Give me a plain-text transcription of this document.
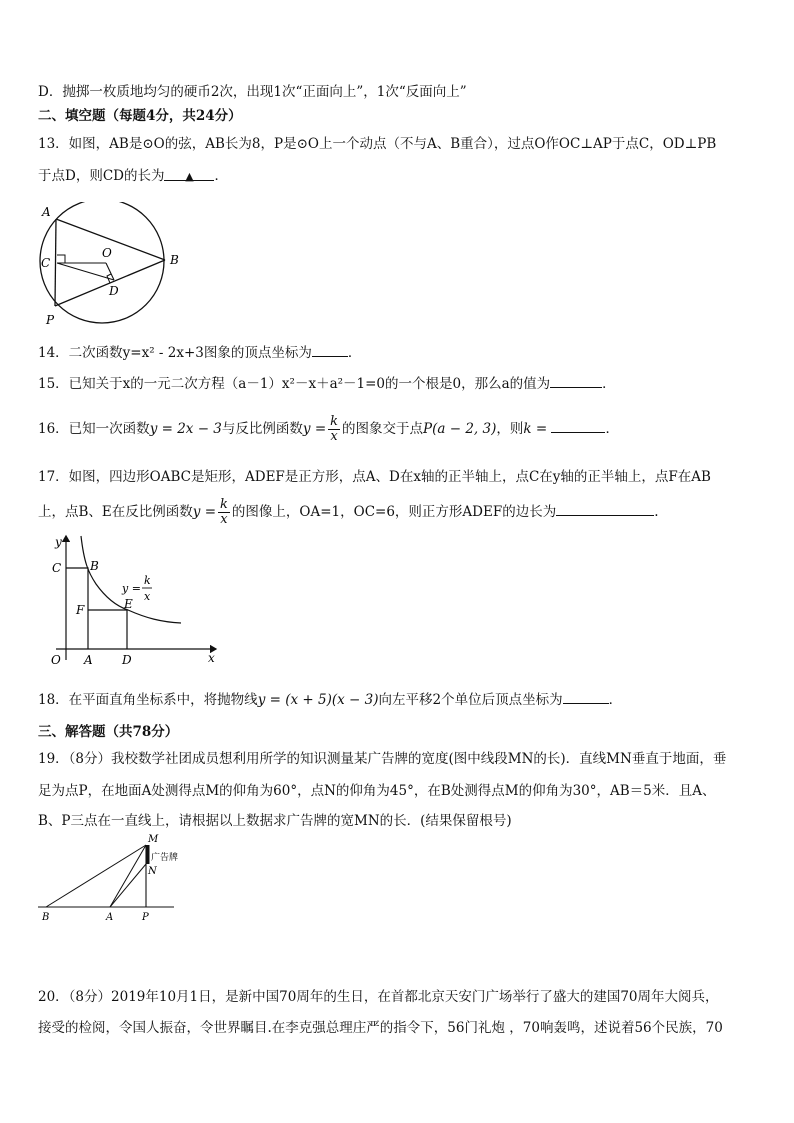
D．抛掷一枚质地均匀的硬币2次，出现1次“正面向上”，1次“反面向上”
二、填空题（每题4分，共24分）
13．如图，AB是⊙O的弦，AB长为8，P是⊙O上一个动点（不与A、B重合），过点O作OC⊥AP于点C，OD⊥PB
于点D，则CD的长为 ▲ ．
A
B
C
O
D
P
14．二次函数y=x² - 2x+3图象的顶点坐标为	．
15．已知关于x的一元二次方程（a－1）x²－x＋a²－1=0的一个根是0，那么a的值为	．
16．已知一次函数y = 2x − 3与反比例函数$y = \frac{k}{x}$ 的图象交于点P(a − 2, 3)，则k =	．
17．如图，四边形OABC是矩形，ADEF是正方形，点A、D在x轴的正半轴上，点C在y轴的正半轴上，点F在AB
上，点B、E在反比例函数$y = \frac{k}{x}$ 的图像上，OA=1，OC=6，则正方形ADEF的边长为	.
y
x
O A D
C B
F	E
y =
k
x
18．在平面直角坐标系中，将抛物线y = (x + 5)(x − 3)向左平移2个单位后顶点坐标为	．
三、解答题（共78分）
19．（8分）我校数学社团成员想利用所学的知识测量某广告牌的宽度(图中线段MN的长)．直线MN垂直于地面，垂
足为点P，在地面A处测得点M的仰角为60°，点N的仰角为45°，在B处测得点M的仰角为30°，AB＝5米．且A、
B、P三点在一直线上，请根据以上数据求广告牌的宽MN的长．(结果保留根号)
M
N
广告牌
B	A	P
20．（8分）2019年10月1日，是新中国70周年的生日，在首都北京天安门广场举行了盛大的建国70周年大阅兵，
接受的检阅，令国人振奋，令世界瞩目.在李克强总理庄严的指令下，56门礼炮 ，70响轰鸣，述说着56个民族，70
